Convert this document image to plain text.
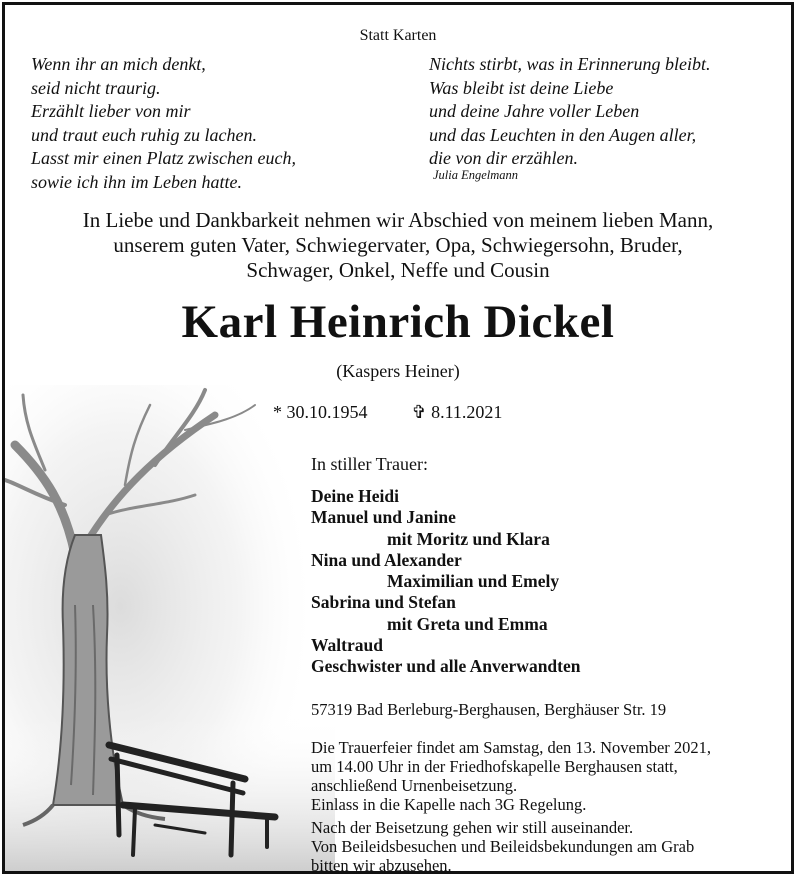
Statt Karten
Wenn ihr an mich denkt,
seid nicht traurig.
Erzählt lieber von mir
und traut euch ruhig zu lachen.
Lasst mir einen Platz zwischen euch,
sowie ich ihn im Leben hatte.
Nichts stirbt, was in Erinnerung bleibt.
Was bleibt ist deine Liebe
und deine Jahre voller Leben
und das Leuchten in den Augen aller,
die von dir erzählen.
Julia Engelmann
In Liebe und Dankbarkeit nehmen wir Abschied von meinem lieben Mann,
unserem guten Vater, Schwiegervater, Opa, Schwiegersohn, Bruder,
Schwager, Onkel, Neffe und Cousin
Karl Heinrich Dickel
(Kaspers Heiner)
* 30.10.1954 ✞ 8.11.2021
In stiller Trauer:
Deine Heidi
Manuel und Janine
mit Moritz und Klara
Nina und Alexander
Maximilian und Emely
Sabrina und Stefan
mit Greta und Emma
Waltraud
Geschwister und alle Anverwandten
57319 Bad Berleburg-Berghausen, Berghäuser Str. 19
Die Trauerfeier findet am Samstag, den 13. November 2021,
um 14.00 Uhr in der Friedhofskapelle Berghausen statt,
anschließend Urnenbeisetzung.
Einlass in die Kapelle nach 3G Regelung.
Nach der Beisetzung gehen wir still auseinander.
Von Beileidsbesuchen und Beileidsbekundungen am Grab
bitten wir abzusehen.
